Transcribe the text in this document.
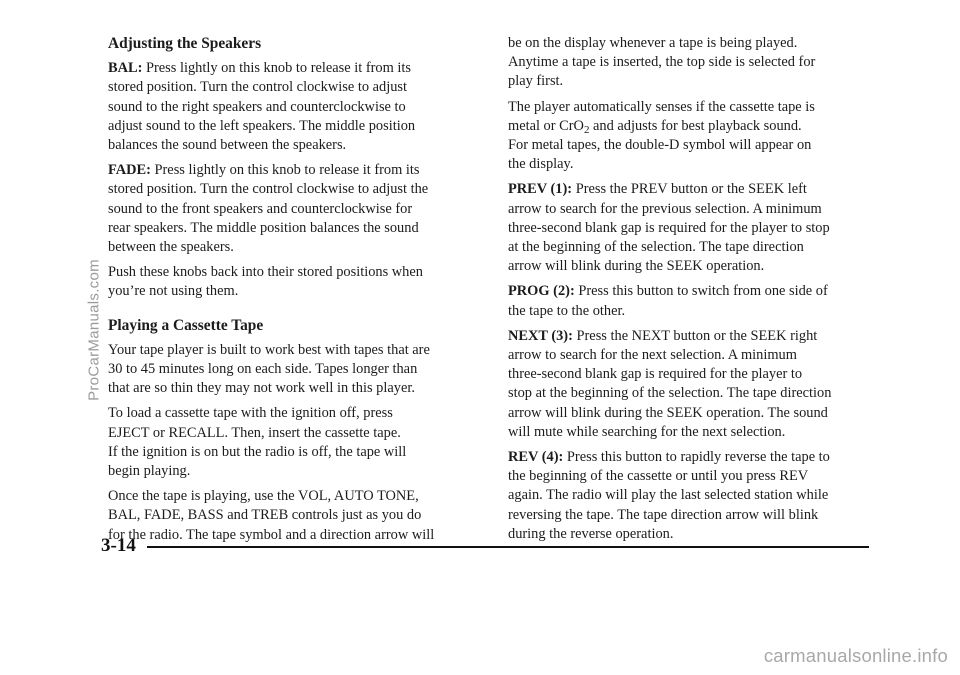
Adjusting the Speakers

BAL: Press lightly on this knob to release it from its
stored position. Turn the control clockwise to adjust
sound to the right speakers and counterclockwise to
adjust sound to the left speakers. The middle position
balances the sound between the speakers.

FADE: Press lightly on this knob to release it from its
stored position. Turn the control clockwise to adjust the
sound to the front speakers and counterclockwise for
rear speakers. The middle position balances the sound
between the speakers.

Push these knobs back into their stored positions when
you’re not using them.

Playing a Cassette Tape

Your tape player is built to work best with tapes that are
30 to 45 minutes long on each side. Tapes longer than
that are so thin they may not work well in this player.

To load a cassette tape with the ignition off, press
EJECT or RECALL. Then, insert the cassette tape.
If the ignition is on but the radio is off, the tape will
begin playing.

Once the tape is playing, use the VOL, AUTO TONE,
BAL, FADE, BASS and TREB controls just as you do
for the radio. The tape symbol and a direction arrow will

be on the display whenever a tape is being played.
Anytime a tape is inserted, the top side is selected for
play first.

The player automatically senses if the cassette tape is
metal or CrO$_2$ and adjusts for best playback sound.
For metal tapes, the double-D symbol will appear on
the display.

PREV (1): Press the PREV button or the SEEK left
arrow to search for the previous selection. A minimum
three-second blank gap is required for the player to stop
at the beginning of the selection. The tape direction
arrow will blink during the SEEK operation.

PROG (2): Press this button to switch from one side of
the tape to the other.

NEXT (3): Press the NEXT button or the SEEK right
arrow to search for the next selection. A minimum
three-second blank gap is required for the player to
stop at the beginning of the selection. The tape direction
arrow will blink during the SEEK operation. The sound
will mute while searching for the next selection.

REV (4): Press this button to rapidly reverse the tape to
the beginning of the cassette or until you press REV
again. The radio will play the last selected station while
reversing the tape. The tape direction arrow will blink
during the reverse operation.

3-14
ProCarManuals.com
carmanualsonline.info
